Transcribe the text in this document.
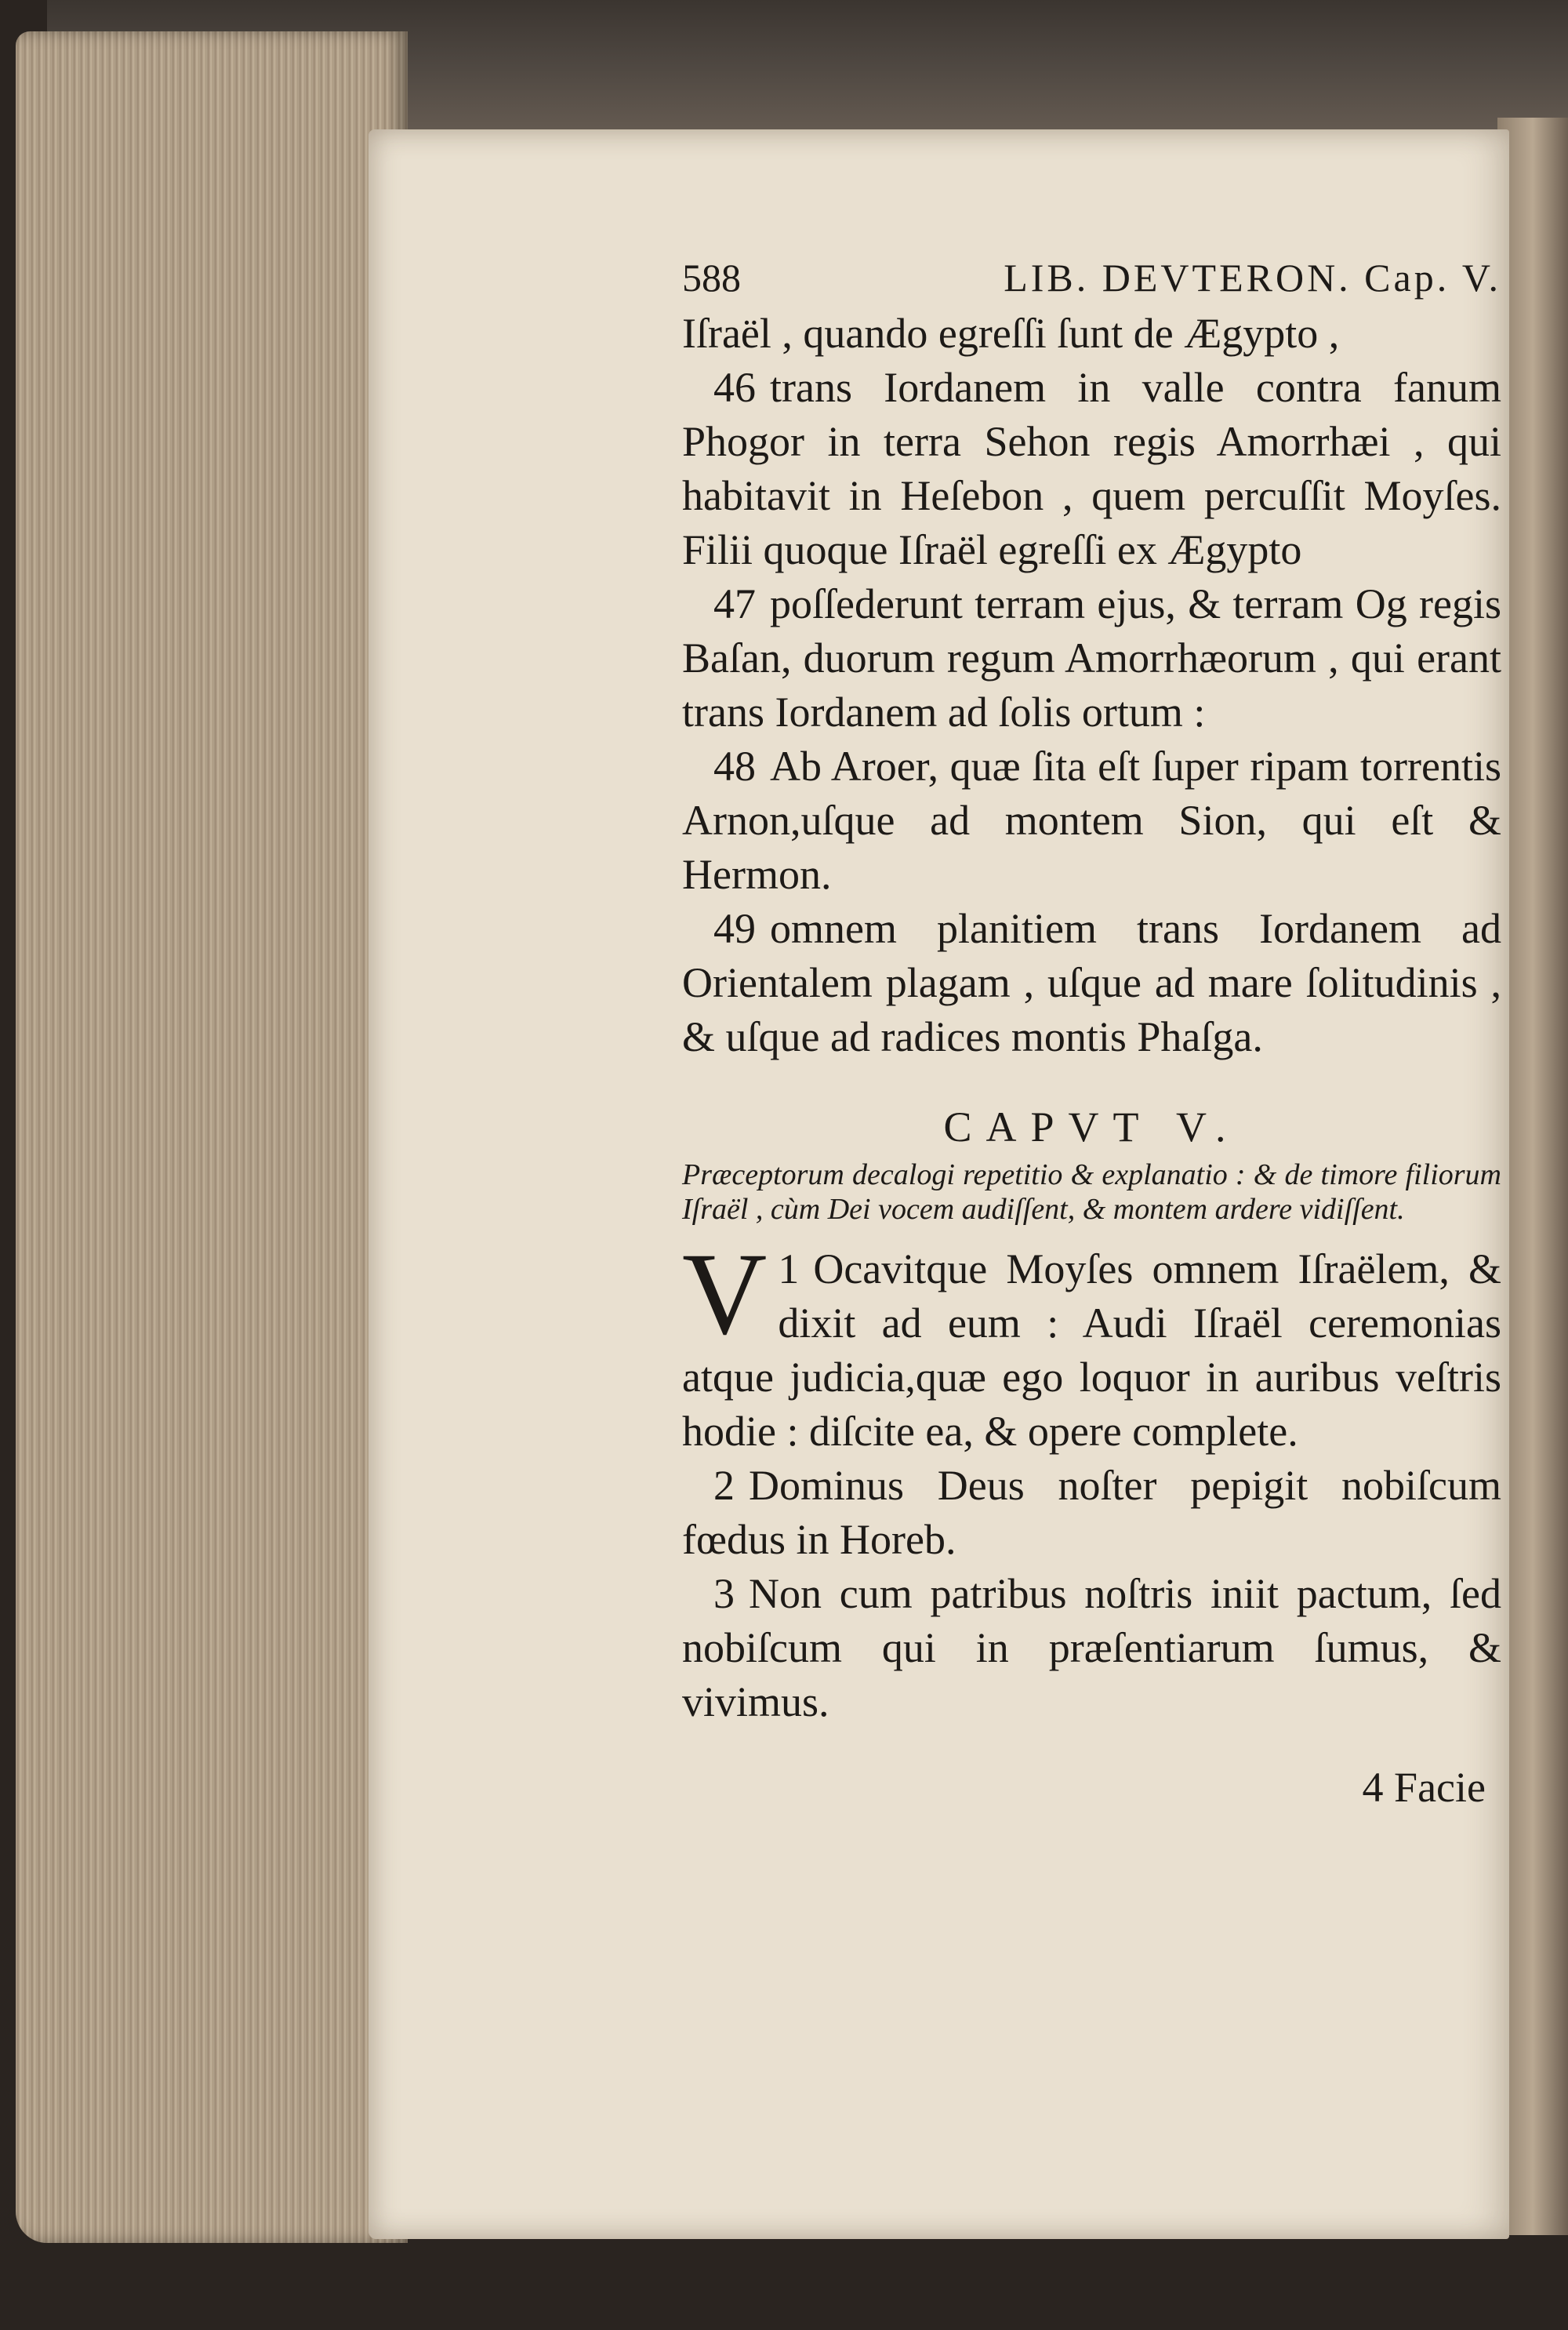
588	LIB. DEVTERON. Cap. V.

Iſraël , quando egreſſi ſunt de Ægypto ,

46 trans Iordanem in valle contra fanum Phogor in terra Sehon regis Amorrhæi , qui habitavit in Heſebon , quem percuſſit Moyſes. Filii quoque Iſraël egreſſi ex Ægypto

47 poſſederunt terram ejus, & terram Og regis Baſan, duorum regum Amorrhæorum , qui erant trans Iordanem ad ſolis ortum :

48 Ab Aroer, quæ ſita eſt ſuper ripam torrentis Arnon,uſque ad montem Sion, qui eſt & Hermon.

49 omnem planitiem trans Iordanem ad Orientalem plagam , uſque ad mare ſolitudinis , & uſque ad radices montis Phaſga.

CAPVT V.
Præceptorum decalogi repetitio & explanatio : & de timore filiorum Iſraël , cùm Dei vocem audiſſent, & montem ardere vidiſſent.

1
V Ocavitque Moyſes omnem Iſraëlem, & dixit ad eum : Audi Iſraël ceremonias atque judicia,quæ ego loquor in auribus veſtris hodie : diſcite ea, & opere complete.

2 Dominus Deus noſter pepigit nobiſcum fœdus in Horeb.

3 Non cum patribus noſtris iniit pactum, ſed nobiſcum qui in præſentiarum ſumus, & vivimus.

4 Facie
